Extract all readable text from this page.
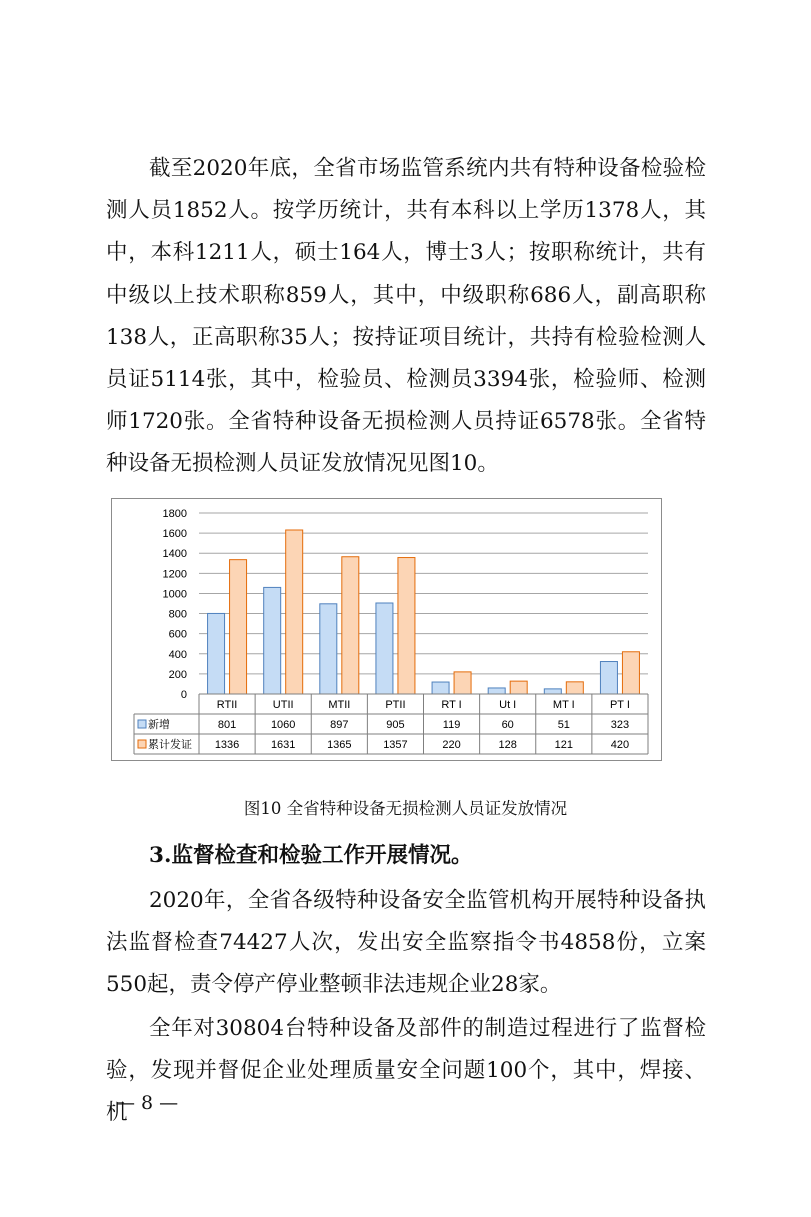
截至2020年底，全省市场监管系统内共有特种设备检验检测人员1852人。按学历统计，共有本科以上学历1378人，其中，本科1211人，硕士164人，博士3人；按职称统计，共有中级以上技术职称859人，其中，中级职称686人，副高职称138人，正高职称35人；按持证项目统计，共持有检验检测人员证5114张，其中，检验员、检测员3394张，检验师、检测师1720张。全省特种设备无损检测人员持证6578张。全省特种设备无损检测人员证发放情况见图10。

0
200
400
600
800
1000
1200
1400
1600
1800
RTII	UTII	MTII	PTII	RT I	Ut I	MT I	PT I
新增	801	1060	897	905	119	60	51	323
累计发证 1336	1631	1365	1357	220	128	121	420
图10 全省特种设备无损检测人员证发放情况
3.监督检查和检验工作开展情况。

2020年，全省各级特种设备安全监管机构开展特种设备执法监督检查74427人次，发出安全监察指令书4858份，立案550起，责令停产停业整顿非法违规企业28家。

全年对30804台特种设备及部件的制造过程进行了监督检验，发现并督促企业处理质量安全问题100个，其中，焊接、机

— 8 —
